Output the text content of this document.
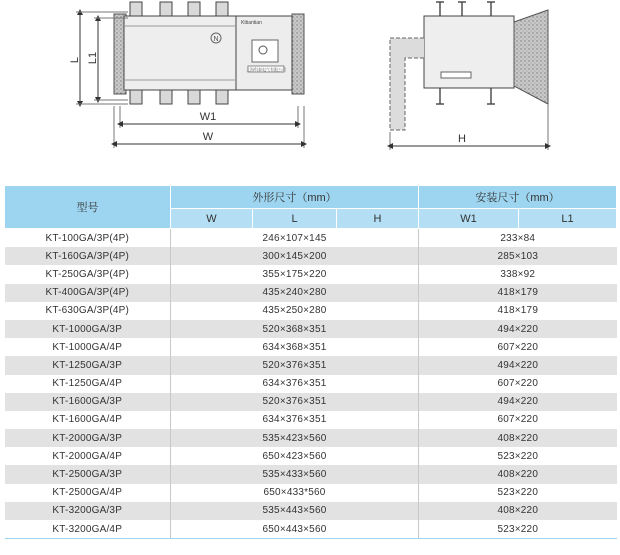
N
Kttiantian
上海科泰电气有限公司
L L1
W1
W	H
型号	外形尺寸（mm）			安装尺寸（mm）	
	W	L	H	W1	L1
KT-100GA/3P(4P)	246×107×145			233×84	
KT-160GA/3P(4P)	300×145×200			285×103	
KT-250GA/3P(4P)	355×175×220			338×92	
KT-400GA/3P(4P)	435×240×280			418×179	
KT-630GA/3P(4P)	435×250×280			418×179	
KT-1000GA/3P	520×368×351			494×220	
KT-1000GA/4P	634×368×351			607×220	
KT-1250GA/3P	520×376×351			494×220	
KT-1250GA/4P	634×376×351			607×220	
KT-1600GA/3P	520×376×351			494×220	
KT-1600GA/4P	634×376×351			607×220	
KT-2000GA/3P	535×423×560			408×220	
KT-2000GA/4P	650×423×560			523×220	
KT-2500GA/3P	535×433×560			408×220	
KT-2500GA/4P	650×433*560			523×220	
KT-3200GA/3P	535×443×560			408×220	
KT-3200GA/4P	650×443×560			523×220	
